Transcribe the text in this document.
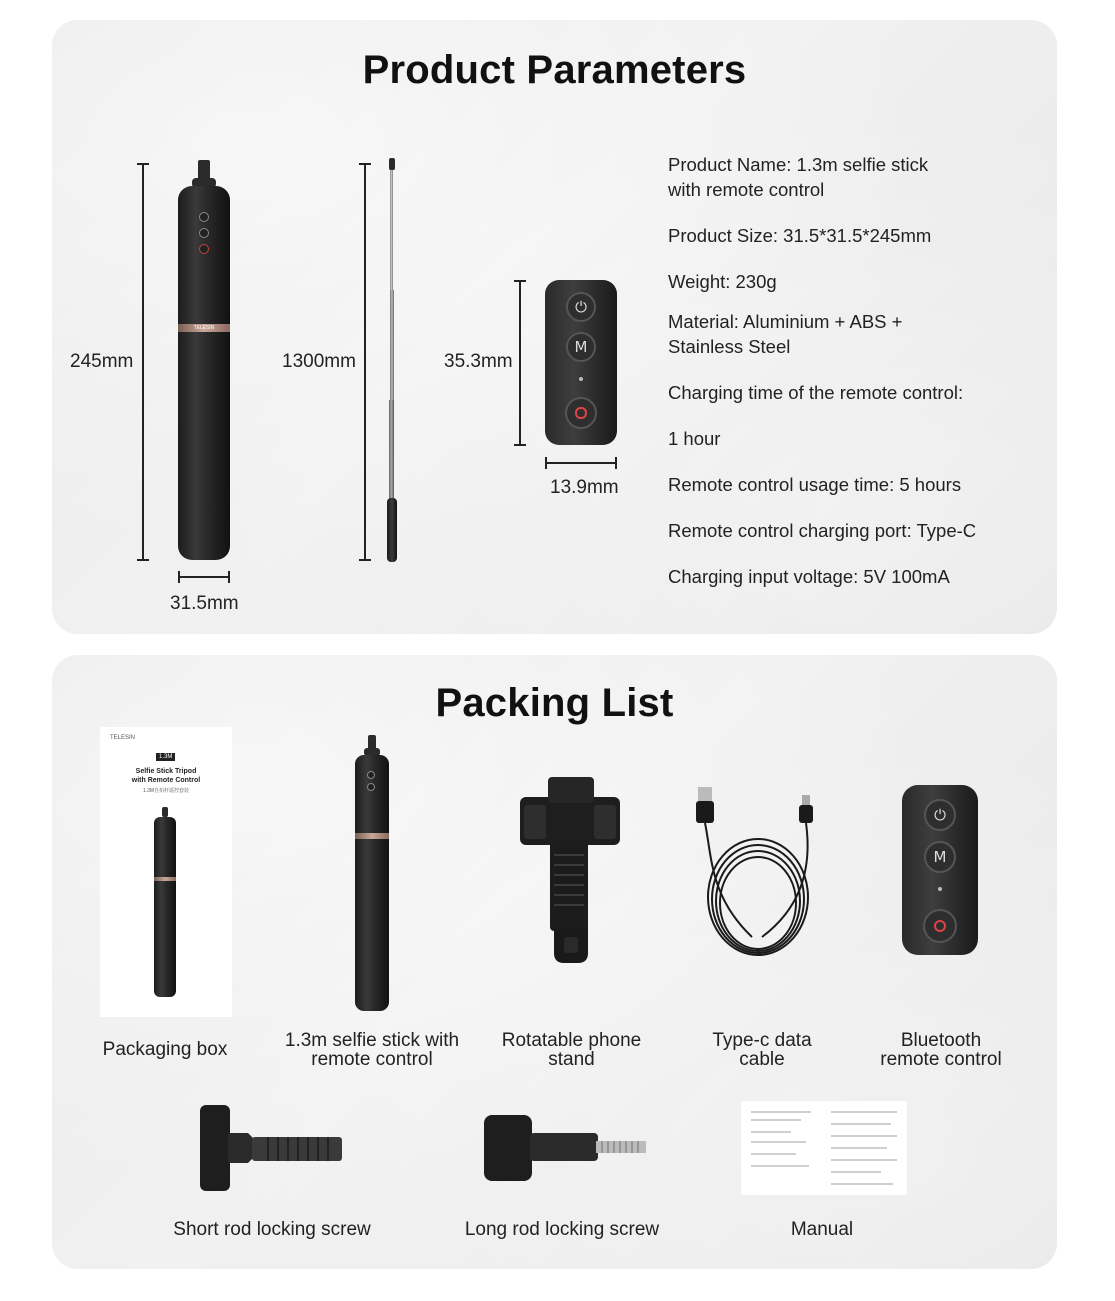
Product Parameters
245mm
TELESIN
31.5mm
1300mm	35.3mm
⏻
M
13.9mm
Product Name: 1.3m selfie stick
with remote control
Product Size: 31.5*31.5*245mm
Weight: 230g
Material: Aluminium + ABS +
Stainless Steel
Charging time of the remote control:
1 hour
Remote control usage time: 5 hours
Remote control charging port: Type-C
Charging input voltage: 5V 100mA
Packing List
TELESIN
1.3M
Selfie Stick Tripod
with Remote Control
1.3M自拍杆遥控套装
Packaging box	1.3m selfie stick with
remote control
Rotatable phone
stand
Type-c data
cable
⏻
M
Bluetooth
remote control
Short rod locking screw	Long rod locking screw	Manual
